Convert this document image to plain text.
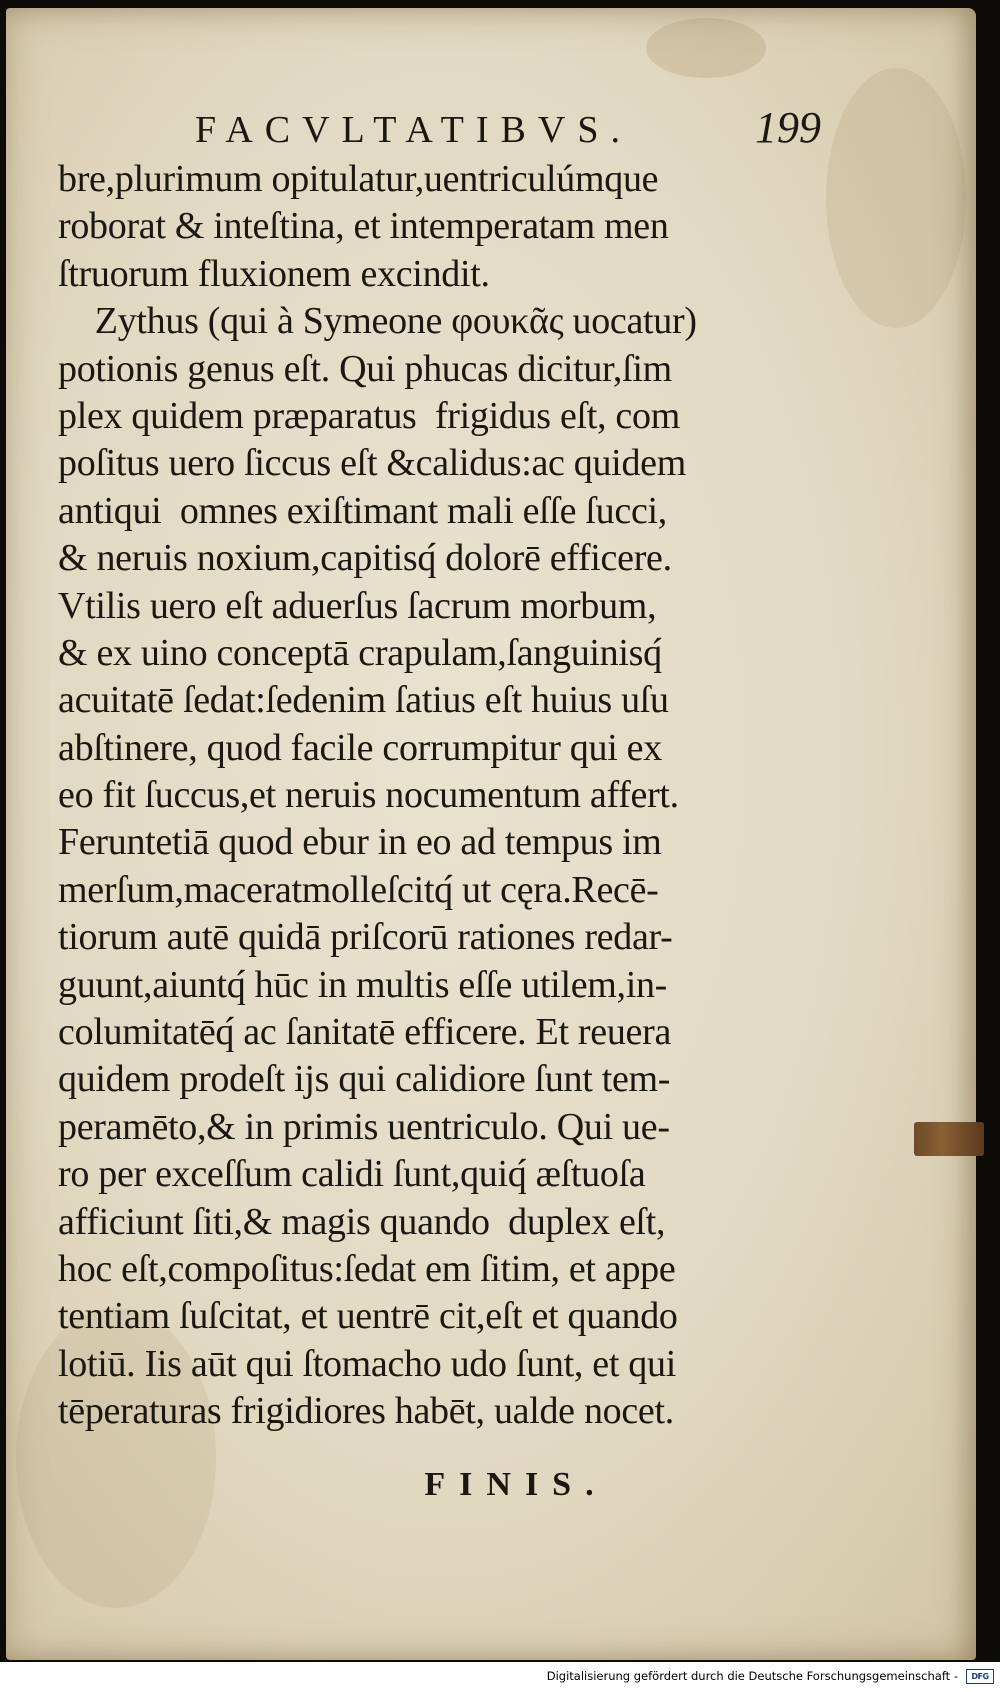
FACVLTATIBVS.	199
bre,plurimum opitulatur,uentriculúmque
roborat & inteſtina, et intemperatam men
ſtruorum fluxionem excindit.
Zythus (qui à Symeone φουκᾶς uocatur)
potionis genus eſt. Qui phucas dicitur,ſim
plex quidem præparatus  frigidus eſt, com
poſitus uero ſiccus eſt &calidus:ac quidem
antiqui  omnes exiſtimant mali eſſe ſucci,
& neruis noxium,capitisq́ dolorē efficere.
Vtilis uero eſt aduerſus ſacrum morbum,
& ex uino conceptā crapulam,ſanguinisq́
acuitatē ſedat:ſedenim ſatius eſt huius uſu
abſtinere, quod facile corrumpitur qui ex
eo fit ſuccus,et neruis nocumentum affert.
Feruntetiā quod ebur in eo ad tempus im
merſum,maceratmolleſcitq́ ut cęra.Recē-
tiorum autē quidā priſcorū rationes redar-
guunt,aiuntq́ hūc in multis eſſe utilem,in-
columitatēq́ ac ſanitatē efficere. Et reuera
quidem prodeſt ijs qui calidiore ſunt tem-
peramēto,& in primis uentriculo. Qui ue-
ro per exceſſum calidi ſunt,quiq́ æſtuoſa
afficiunt ſiti,& magis quando  duplex eſt,
hoc eſt,compoſitus:ſedat em ſitim, et appe
tentiam ſuſcitat, et uentrē cit,eſt et quando
lotiū. Iis aūt qui ſtomacho udo ſunt, et qui
tēperaturas frigidiores habēt, ualde nocet.
FINIS.
Digitalisierung gefördert durch die Deutsche Forschungsgemeinschaft - DFG
